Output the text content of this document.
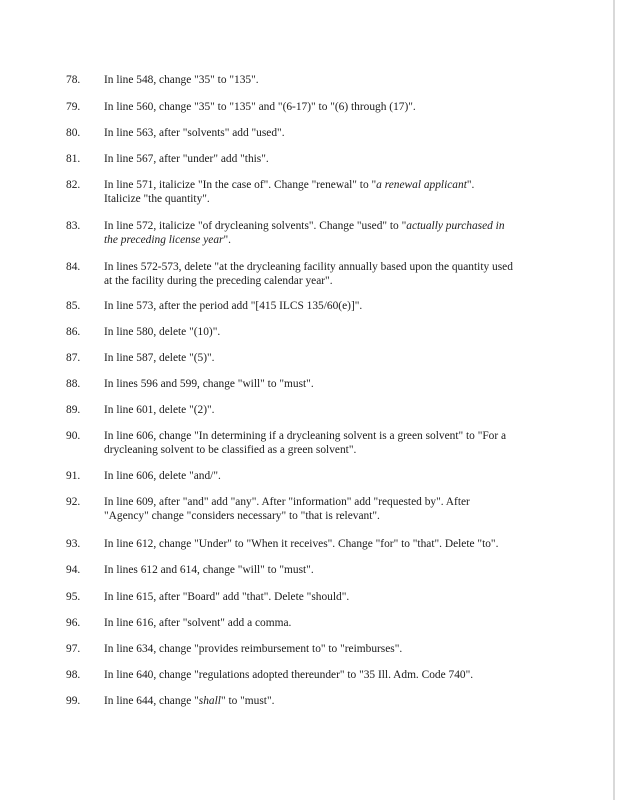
78.	In line 548, change "35" to "135".
79.	In line 560, change "35" to "135" and "(6-17)" to "(6) through (17)".
80.	In line 563, after "solvents" add "used".
81.	In line 567, after "under" add "this".
82.	In line 571, italicize "In the case of". Change "renewal" to "a renewal applicant".
Italicize "the quantity".
83.	In line 572, italicize "of drycleaning solvents". Change "used" to "actually purchased in
the preceding license year".
84.	In lines 572-573, delete "at the drycleaning facility annually based upon the quantity used
at the facility during the preceding calendar year".
85.	In line 573, after the period add "[415 ILCS 135/60(e)]".
86.	In line 580, delete "(10)".
87.	In line 587, delete "(5)".
88.	In lines 596 and 599, change "will" to "must".
89.	In line 601, delete "(2)".
90.	In line 606, change "In determining if a drycleaning solvent is a green solvent" to "For a
drycleaning solvent to be classified as a green solvent".
91.	In line 606, delete "and/".
92.	In line 609, after "and" add "any". After "information" add "requested by". After
"Agency" change "considers necessary" to "that is relevant".
93.	In line 612, change "Under" to "When it receives". Change "for" to "that". Delete "to".
94.	In lines 612 and 614, change "will" to "must".
95.	In line 615, after "Board" add "that". Delete "should".
96.	In line 616, after "solvent" add a comma.
97.	In line 634, change "provides reimbursement to" to "reimburses".
98.	In line 640, change "regulations adopted thereunder" to "35 Ill. Adm. Code 740".
99.	In line 644, change "shall" to "must".
